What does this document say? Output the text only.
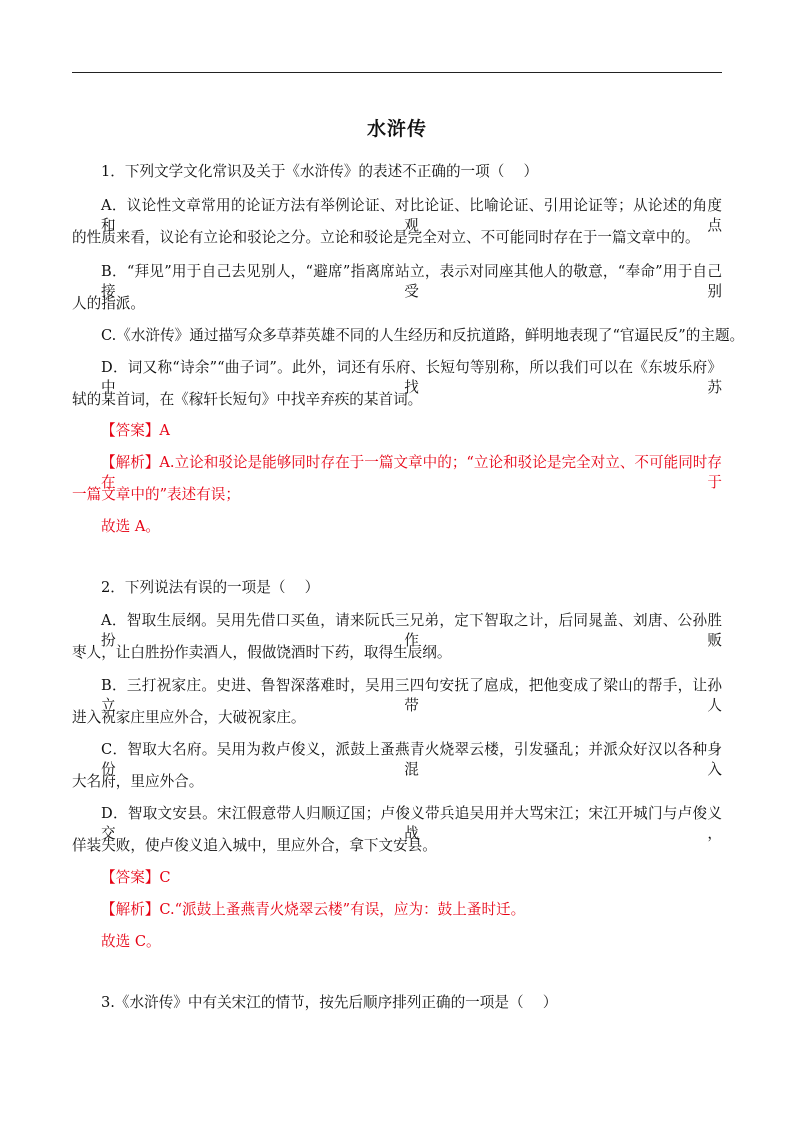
水浒传
1．下列文学文化常识及关于《水浒传》的表述不正确的一项（　 ）
A．议论性文章常用的论证方法有举例论证、对比论证、比喻论证、引用论证等；从论述的角度和观点
的性质来看，议论有立论和驳论之分。立论和驳论是完全对立、不可能同时存在于一篇文章中的。
B．“拜见”用于自己去见别人，“避席”指离席站立，表示对同座其他人的敬意，“奉命”用于自己接受别
人的指派。
C.《水浒传》通过描写众多草莽英雄不同的人生经历和反抗道路，鲜明地表现了“官逼民反”的主题。
D．词又称“诗余”“曲子词”。此外，词还有乐府、长短句等别称，所以我们可以在《东坡乐府》中找苏
轼的某首词，在《稼轩长短句》中找辛弃疾的某首词。
【答案】A
【解析】A.立论和驳论是能够同时存在于一篇文章中的；“立论和驳论是完全对立、不可能同时存在于
一篇文章中的”表述有误；
故选 A。
2．下列说法有误的一项是（　 ）
A．智取生辰纲。吴用先借口买鱼，请来阮氏三兄弟，定下智取之计，后同晁盖、刘唐、公孙胜扮作贩
枣人，让白胜扮作卖酒人，假做饶酒时下药，取得生辰纲。
B．三打祝家庄。史进、鲁智深落难时，吴用三四句安抚了扈成，把他变成了梁山的帮手，让孙立带人
进入祝家庄里应外合，大破祝家庄。
C．智取大名府。吴用为救卢俊义，派鼓上蚤燕青火烧翠云楼，引发骚乱；并派众好汉以各种身份混入
大名府，里应外合。
D．智取文安县。宋江假意带人归顺辽国；卢俊义带兵追吴用并大骂宋江；宋江开城门与卢俊义交战，
佯装失败，使卢俊义追入城中，里应外合，拿下文安县。
【答案】C
【解析】C.“派鼓上蚤燕青火烧翠云楼”有误，应为：鼓上蚤时迁。
故选 C。
3.《水浒传》中有关宋江的情节，按先后顺序排列正确的一项是（　 ）
